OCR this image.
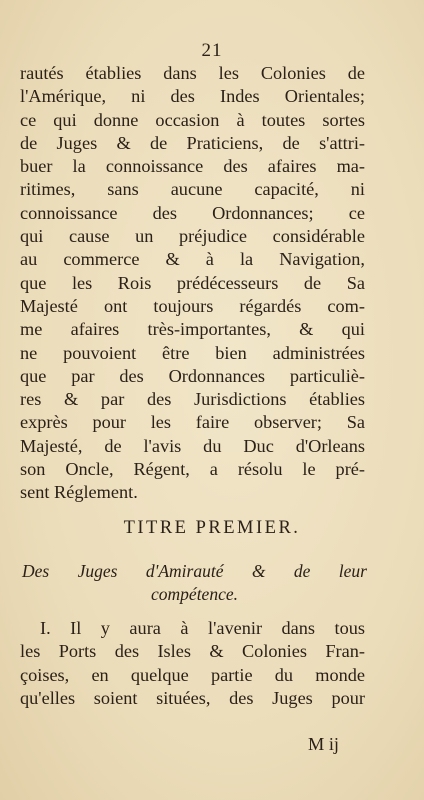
21
rautés établies dans les Colonies de
l'Amérique, ni des Indes Orientales;
ce qui donne occasion à toutes sortes
de Juges & de Praticiens, de s'attri-
buer la connoissance des afaires ma-
ritimes, sans aucune capacité, ni
connoissance des Ordonnances; ce
qui cause un préjudice considérable
au commerce & à la Navigation,
que les Rois prédécesseurs de Sa
Majesté ont toujours régardés com-
me afaires très-importantes, & qui
ne pouvoient être bien administrées
que par des Ordonnances particuliè-
res & par des Jurisdictions établies
exprès pour les faire observer; Sa
Majesté, de l'avis du Duc d'Orleans
son Oncle, Régent, a résolu le pré-
sent Réglement.
TITRE PREMIER.
Des Juges d'Amirauté & de leur
compétence.
I. Il y aura à l'avenir dans tous
les Ports des Isles & Colonies Fran-
çoises, en quelque partie du monde
qu'elles soient situées, des Juges pour
M ij
